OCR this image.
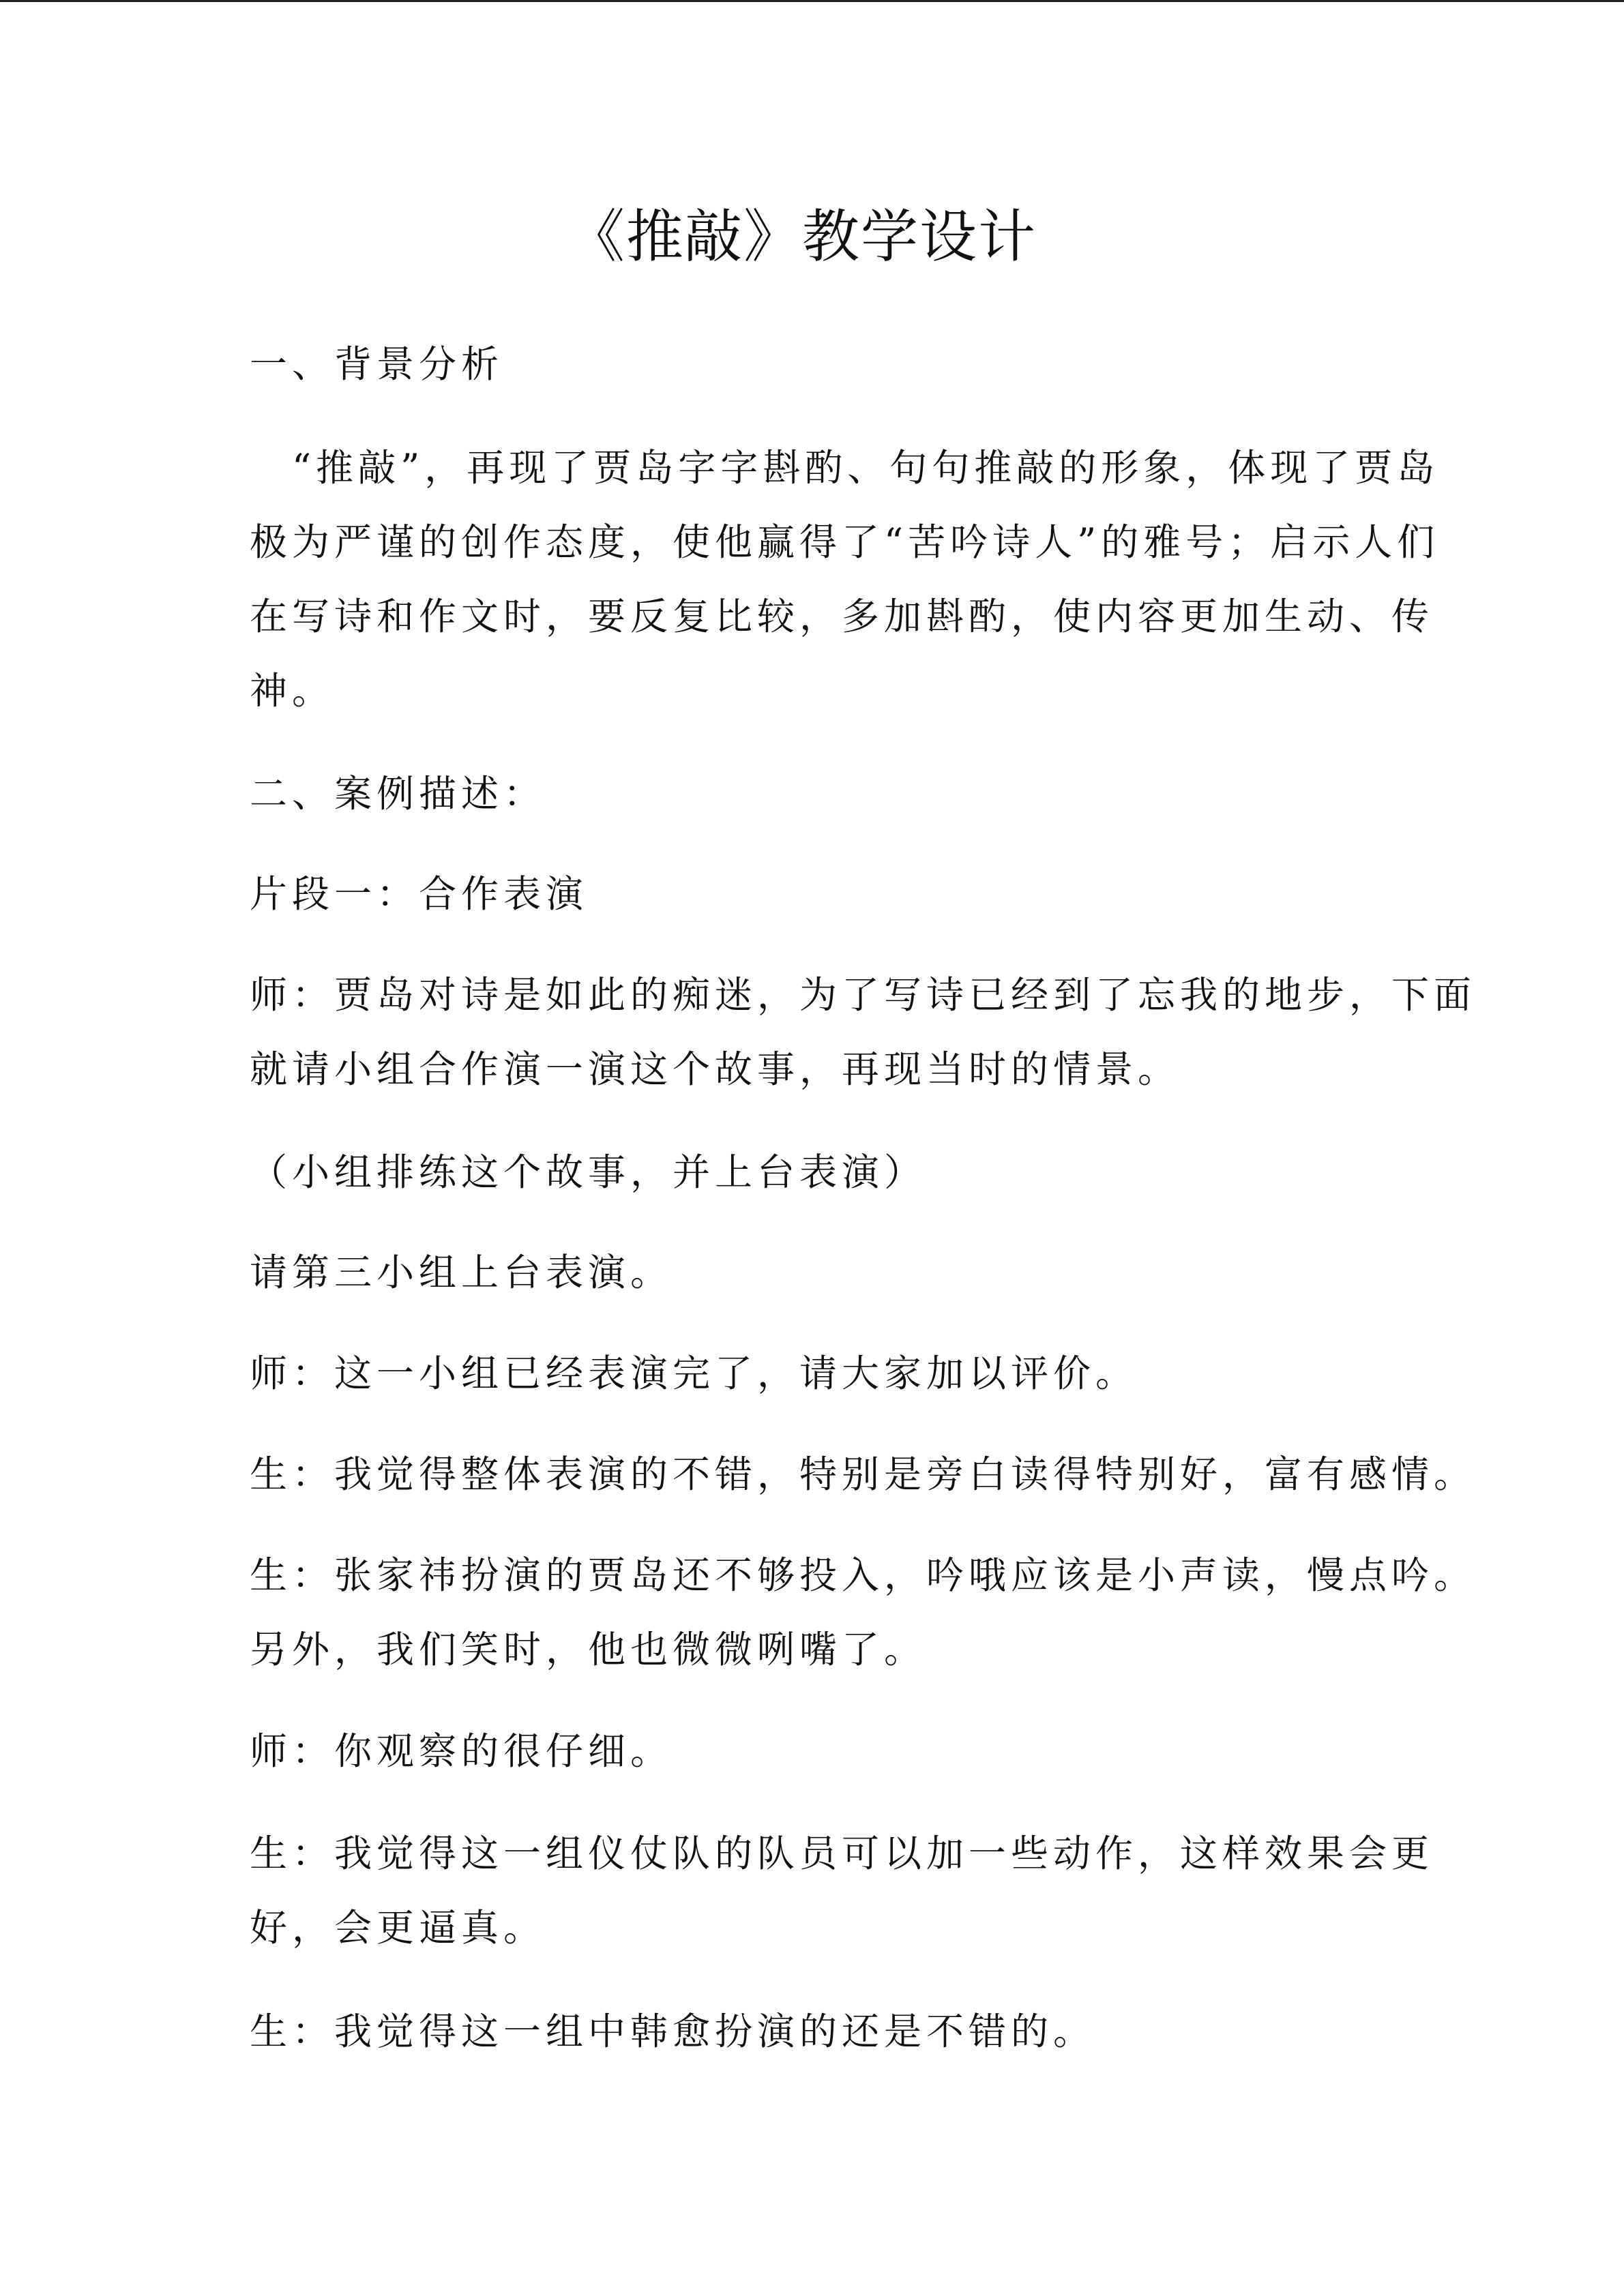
《推敲》教学设计
一、背景分析
　“推敲”，再现了贾岛字字斟酌、句句推敲的形象，体现了贾岛
极为严谨的创作态度，使他赢得了“苦吟诗人”的雅号；启示人们
在写诗和作文时，要反复比较，多加斟酌，使内容更加生动、传
神。
二、案例描述：
片段一：合作表演
师：贾岛对诗是如此的痴迷，为了写诗已经到了忘我的地步，下面
就请小组合作演一演这个故事，再现当时的情景。
（小组排练这个故事，并上台表演）
请第三小组上台表演。
师：这一小组已经表演完了，请大家加以评价。
生：我觉得整体表演的不错，特别是旁白读得特别好，富有感情。
生：张家祎扮演的贾岛还不够投入，吟哦应该是小声读，慢点吟。
另外，我们笑时，他也微微咧嘴了。
师：你观察的很仔细。
生：我觉得这一组仪仗队的队员可以加一些动作，这样效果会更
好，会更逼真。
生：我觉得这一组中韩愈扮演的还是不错的。
